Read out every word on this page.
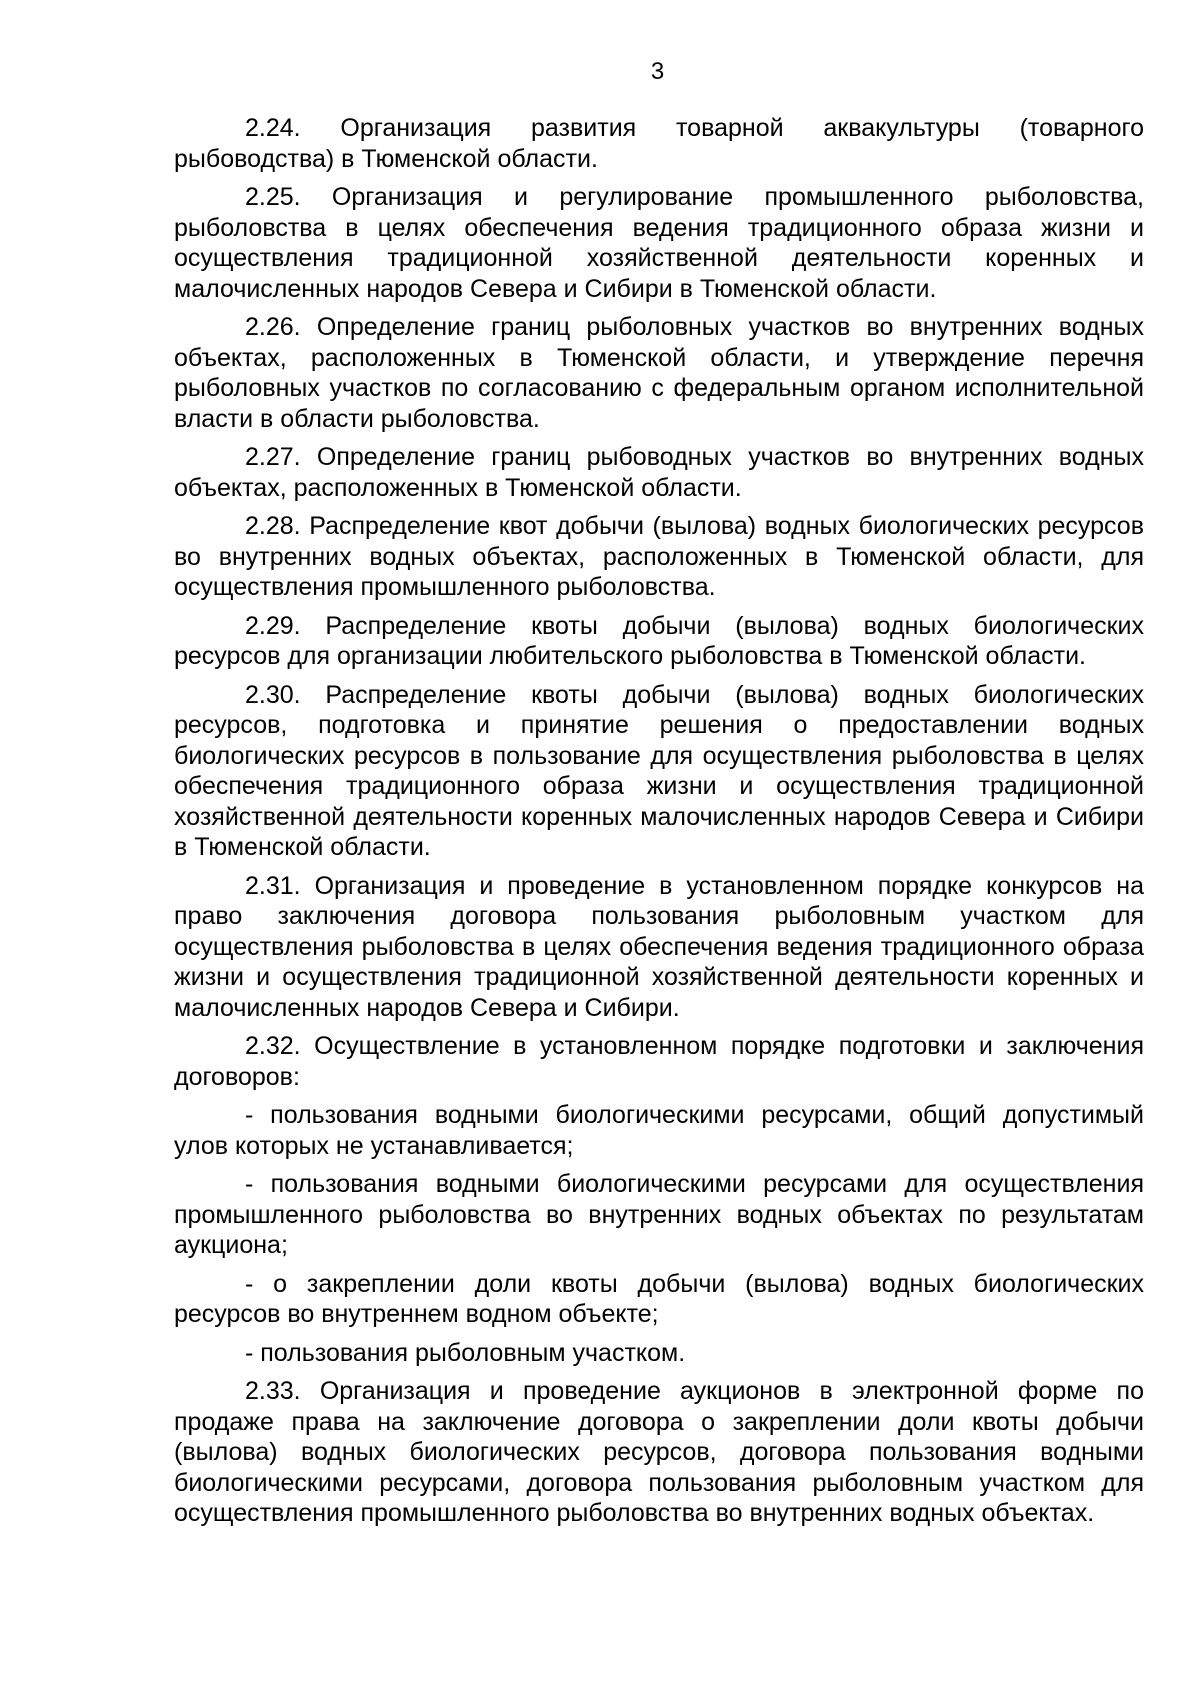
3

2.24. Организация развития товарной аквакультуры (товарного рыбоводства) в Тюменской области.

2.25. Организация и регулирование промышленного рыболовства, рыболовства в целях обеспечения ведения традиционного образа жизни и осуществления традиционной хозяйственной деятельности коренных и малочисленных народов Севера и Сибири в Тюменской области.

2.26. Определение границ рыболовных участков во внутренних водных объектах, расположенных в Тюменской области, и утверждение перечня рыболовных участков по согласованию с федеральным органом исполнительной власти в области рыболовства.

2.27. Определение границ рыбоводных участков во внутренних водных объектах, расположенных в Тюменской области.

2.28. Распределение квот добычи (вылова) водных биологических ресурсов во внутренних водных объектах, расположенных в Тюменской области, для осуществления промышленного рыболовства.

2.29. Распределение квоты добычи (вылова) водных биологических ресурсов для организации любительского рыболовства в Тюменской области.

2.30. Распределение квоты добычи (вылова) водных биологических ресурсов, подготовка и принятие решения о предоставлении водных биологических ресурсов в пользование для осуществления рыболовства в целях обеспечения традиционного образа жизни и осуществления традиционной хозяйственной деятельности коренных малочисленных народов Севера и Сибири в Тюменской области.

2.31. Организация и проведение в установленном порядке конкурсов на право заключения договора пользования рыболовным участком для осуществления рыболовства в целях обеспечения ведения традиционного образа жизни и осуществления традиционной хозяйственной деятельности коренных и малочисленных народов Севера и Сибири.

2.32. Осуществление в установленном порядке подготовки и заключения договоров:

- пользования водными биологическими ресурсами, общий допустимый улов которых не устанавливается;

- пользования водными биологическими ресурсами для осуществления промышленного рыболовства во внутренних водных объектах по результатам аукциона;

- о закреплении доли квоты добычи (вылова) водных биологических ресурсов во внутреннем водном объекте;

- пользования рыболовным участком.

2.33. Организация и проведение аукционов в электронной форме по продаже права на заключение договора о закреплении доли квоты добычи (вылова) водных биологических ресурсов, договора пользования водными биологическими ресурсами, договора пользования рыболовным участком для осуществления промышленного рыболовства во внутренних водных объектах.
